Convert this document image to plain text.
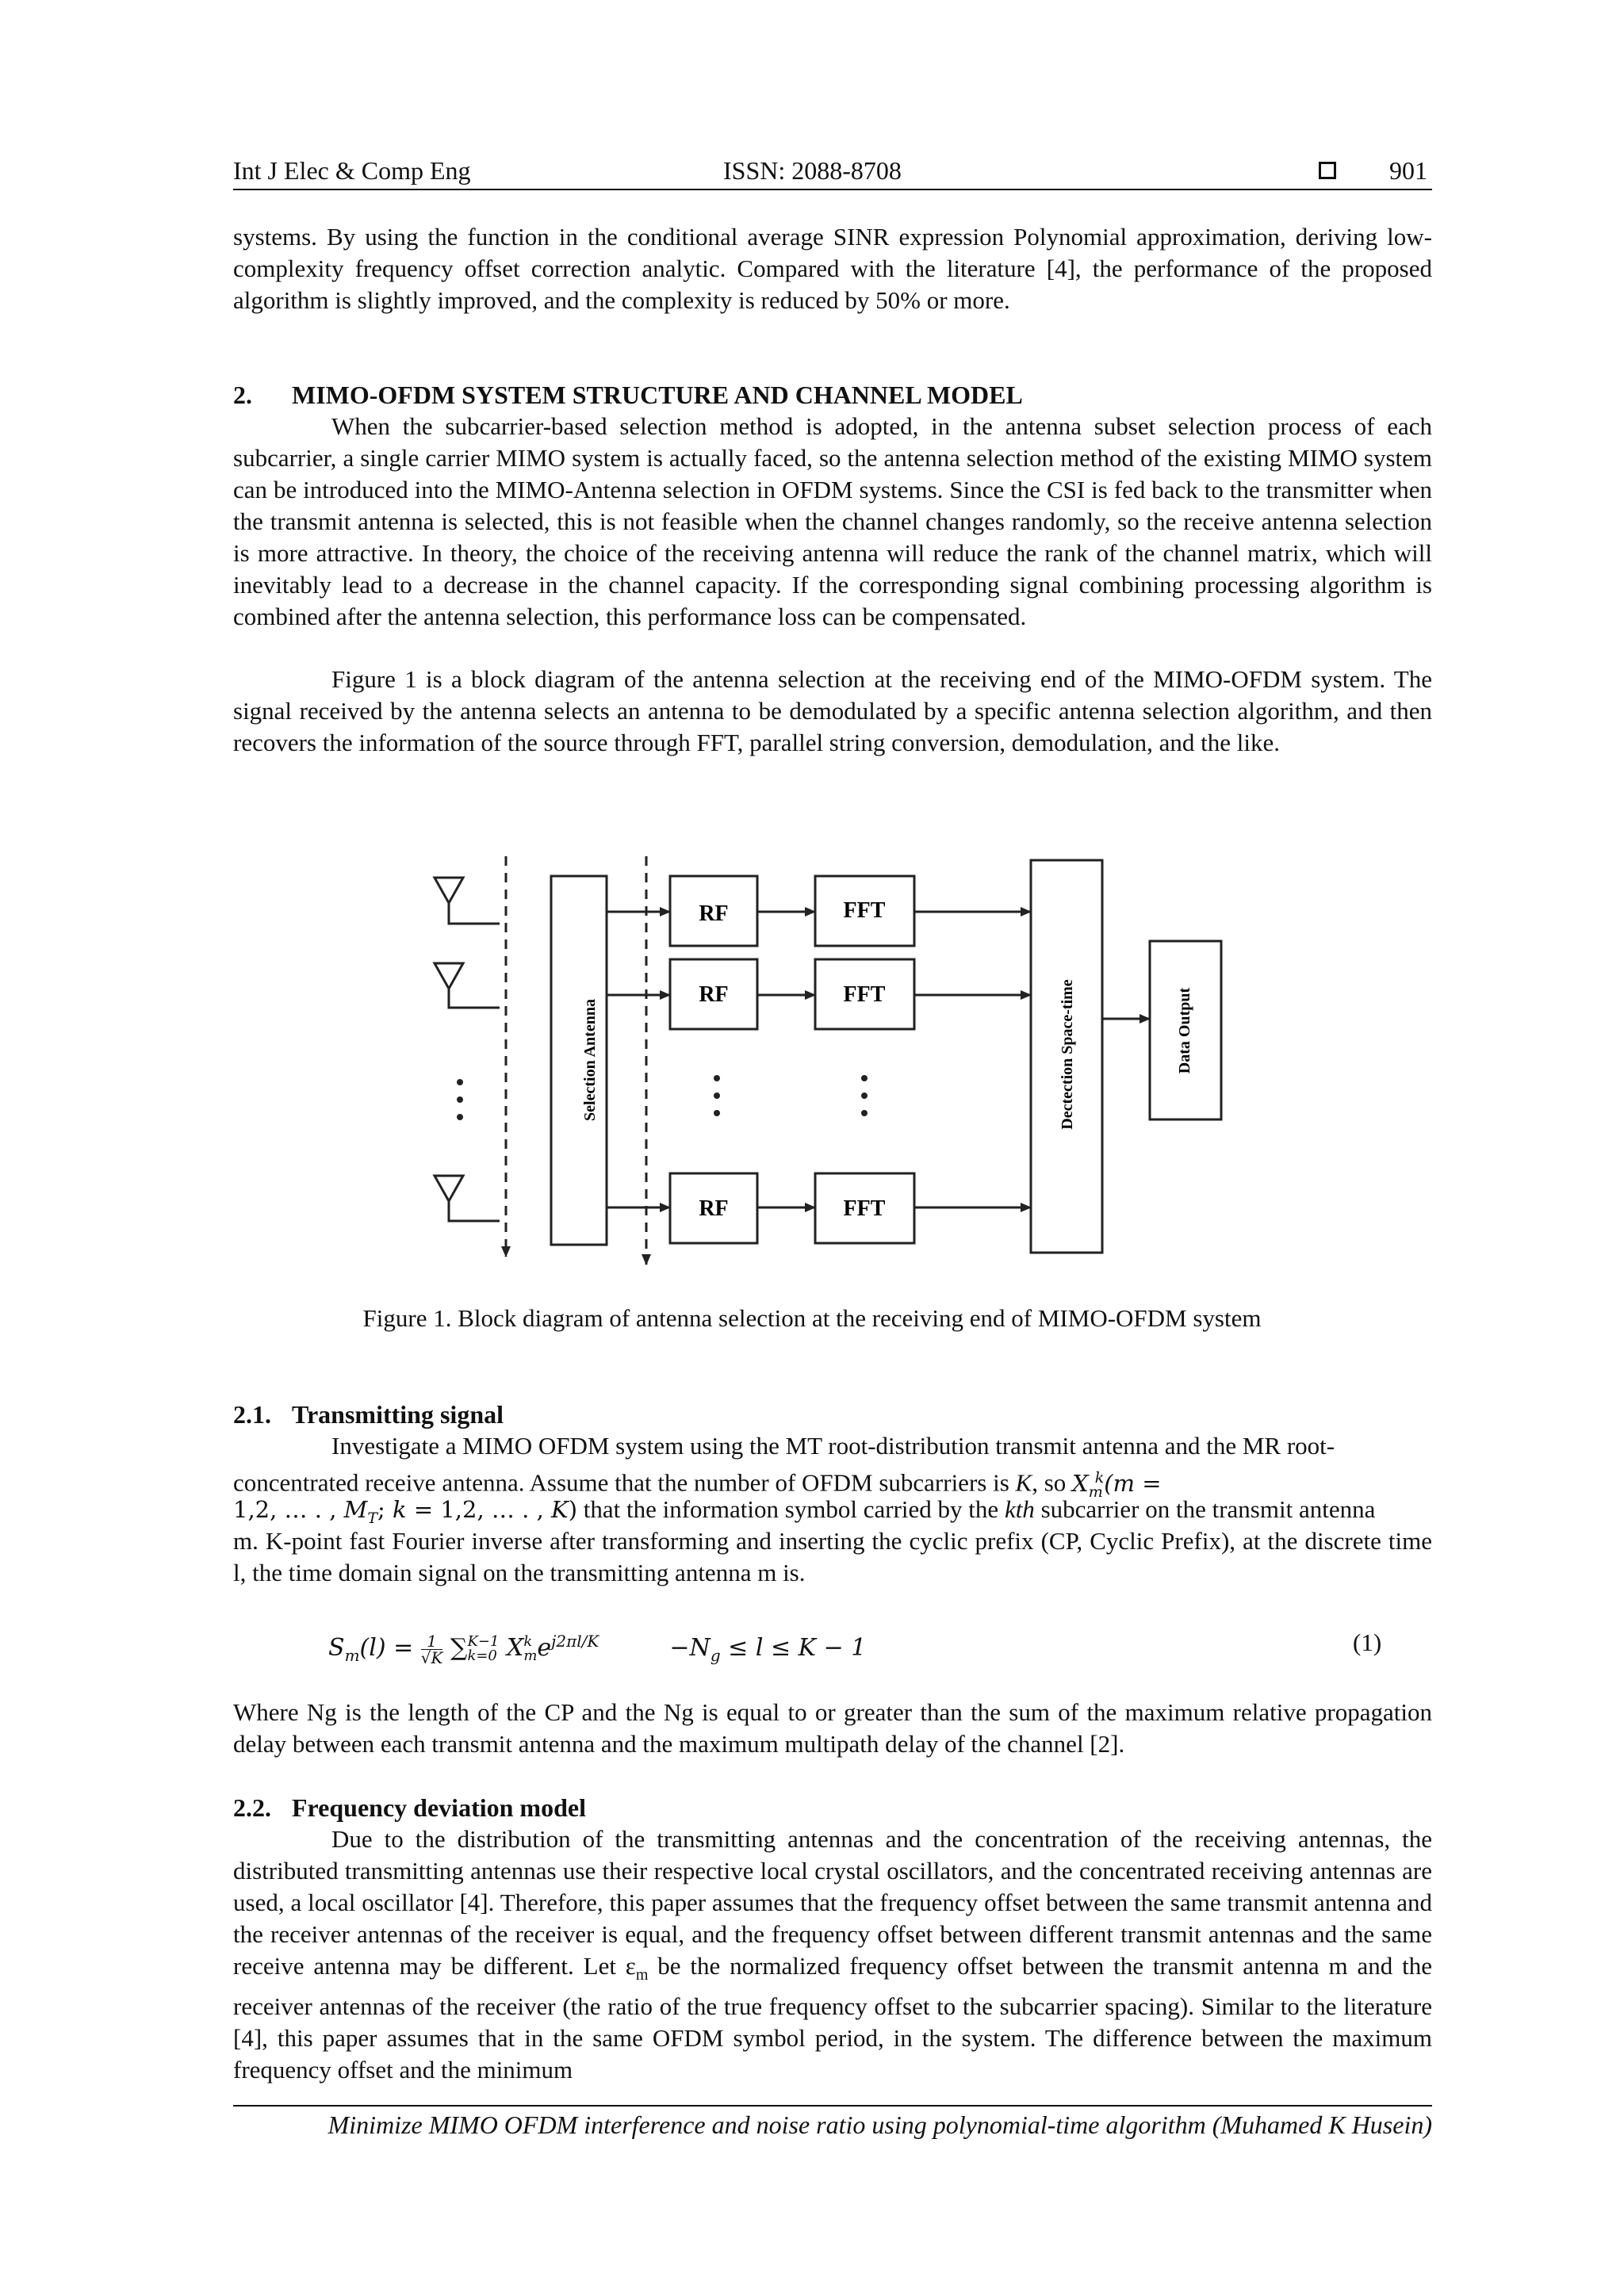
Int J Elec & Comp Eng	ISSN: 2088-8708	901

systems. By using the function in the conditional average SINR expression Polynomial approximation, deriving low-complexity frequency offset correction analytic. Compared with the literature [4], the performance of the proposed algorithm is slightly improved, and the complexity is reduced by 50% or more.

2. MIMO-OFDM SYSTEM STRUCTURE AND CHANNEL MODEL

When the subcarrier-based selection method is adopted, in the antenna subset selection process of each subcarrier, a single carrier MIMO system is actually faced, so the antenna selection method of the existing MIMO system can be introduced into the MIMO-Antenna selection in OFDM systems. Since the CSI is fed back to the transmitter when the transmit antenna is selected, this is not feasible when the channel changes randomly, so the receive antenna selection is more attractive. In theory, the choice of the receiving antenna will reduce the rank of the channel matrix, which will inevitably lead to a decrease in the channel capacity. If the corresponding signal combining processing algorithm is combined after the antenna selection, this performance loss can be compensated.

Figure 1 is a block diagram of the antenna selection at the receiving end of the MIMO-OFDM system. The signal received by the antenna selects an antenna to be demodulated by a specific antenna selection algorithm, and then recovers the information of the source through FFT, parallel string conversion, demodulation, and the like.

Selection Antenna
RF	FFT
RF	FFT
RF	FFT
Dectection Space-time	Data Output
Figure 1. Block diagram of antenna selection at the receiving end of MIMO-OFDM system
2.1. Transmitting signal
Investigate a MIMO OFDM system using the MT root-distribution transmit antenna and the MR root-
concentrated receive antenna. Assume that the number of OFDM subcarriers is K, so $X_m^k(m$ =
1,2, … . , $M_T$; k = 1,2, … . , K) that the information symbol carried by the kth subcarrier on the transmit antenna

m. K-point fast Fourier inverse after transforming and inserting the cyclic prefix (CP, Cyclic Prefix), at the discrete time l, the time domain signal on the transmitting antenna m is.

$S_m(l) = \frac{1}{√K}$ ∑ K−1
k=0 X k
m $e^{j2\pi l/K}$	$-N_g \le l \le K - 1$	(1)

Where Ng is the length of the CP and the Ng is equal to or greater than the sum of the maximum relative propagation delay between each transmit antenna and the maximum multipath delay of the channel [2].

2.2. Frequency deviation model

Due to the distribution of the transmitting antennas and the concentration of the receiving antennas, the distributed transmitting antennas use their respective local crystal oscillators, and the concentrated receiving antennas are used, a local oscillator [4]. Therefore, this paper assumes that the frequency offset between the same transmit antenna and the receiver antennas of the receiver is equal, and the frequency offset between different transmit antennas and the same receive antenna may be different. Let $\varepsilon_m$ be the normalized frequency offset between the transmit antenna m and the receiver antennas of the receiver (the ratio of the true frequency offset to the subcarrier spacing). Similar to the literature [4], this paper assumes that in the same OFDM symbol period, in the system. The difference between the maximum frequency offset and the minimum

Minimize MIMO OFDM interference and noise ratio using polynomial-time algorithm (Muhamed K Husein)
